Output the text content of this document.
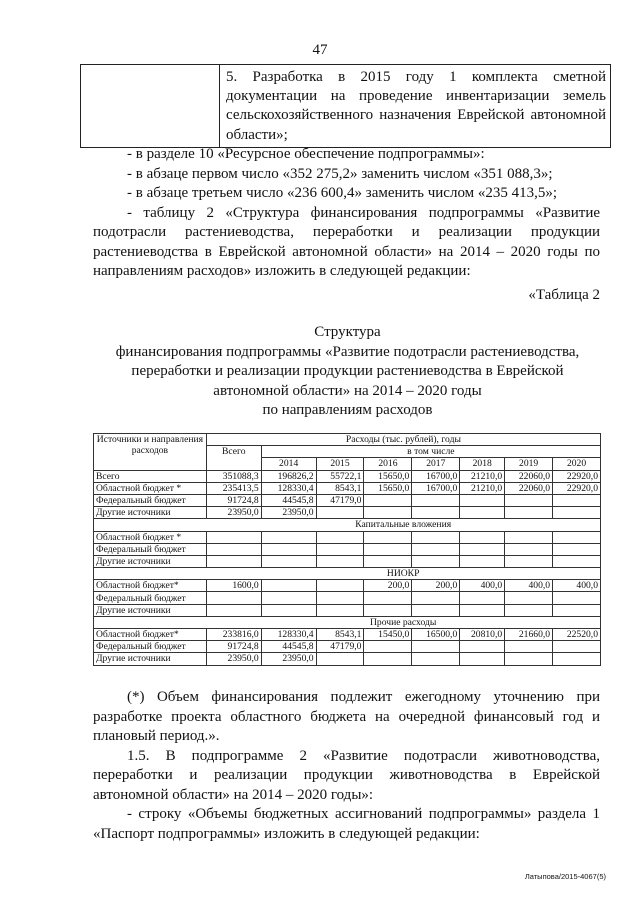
47
	5. Разработка в 2015 году 1 комплекта сметной документации на проведение инвентаризации земель сельскохозяйственного назначения Еврейской автономной области»;
- в разделе 10 «Ресурсное обеспечение подпрограммы»:
- в абзаце первом число «352 275,2» заменить числом «351 088,3»;
- в абзаце третьем число «236 600,4» заменить числом «235 413,5»;
- таблицу 2 «Структура финансирования подпрограммы «Развитие подотрасли растениеводства, переработки и реализации продукции растениеводства в Еврейской автономной области» на 2014 – 2020 годы по направлениям расходов» изложить в следующей редакции:
«Таблица 2
Структура
финансирования подпрограммы «Развитие подотрасли растениеводства,
переработки и реализации продукции растениеводства в Еврейской
автономной области» на 2014 – 2020 годы
по направлениям расходов
Источники и направления расходов	Расходы (тыс. рублей), годы							
	Всего	в том числе						
		2014	2015	2016	2017	2018	2019	2020
Всего	351088,3	196826,2	55722,1	15650,0	16700,0	21210,0	22060,0	22920,0
Областной бюджет *	235413,5	128330,4	8543,1	15650,0	16700,0	21210,0	22060,0	22920,0
Федеральный бюджет	91724,8	44545,8	47179,0					
Другие источники	23950,0	23950,0						
	Капитальные вложения							
Областной бюджет *								
Федеральный бюджет								
Другие источники								
	НИОКР							
Областной бюджет*	1600,0			200,0	200,0	400,0	400,0	400,0
Федеральный бюджет								
Другие источники								
	Прочие расходы							
Областной бюджет*	233816,0	128330,4	8543,1	15450,0	16500,0	20810,0	21660,0	22520,0
Федеральный бюджет	91724,8	44545,8	47179,0					
Другие источники	23950,0	23950,0						
(*) Объем финансирования подлежит ежегодному уточнению при разработке проекта областного бюджета на очередной финансовый год и плановый период.».
1.5. В подпрограмме 2 «Развитие подотрасли животноводства, переработки и реализации продукции животноводства в Еврейской автономной области» на 2014 – 2020 годы»:
- строку «Объемы бюджетных ассигнований подпрограммы» раздела 1 «Паспорт подпрограммы» изложить в следующей редакции:
Латыпова/2015-4067(5)
